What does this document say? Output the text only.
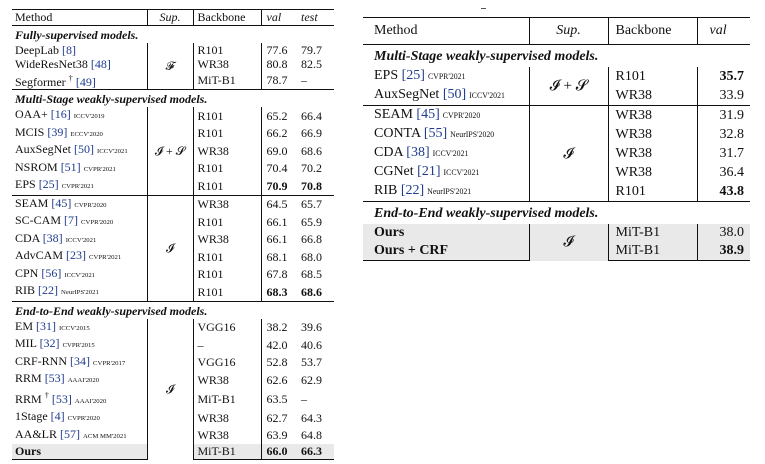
Method	Sup.	Backbone	val	test
Fully-supervised models.				
DeepLab [8]	𝓕	R101	77.6	79.7
WideResNet38 [48]		WR38	80.8	82.5
Segformer † [49]		MiT-B1	78.7	–
Multi-Stage weakly-supervised models.				
OAA+ [16] ICCV'2019	𝓘 + 𝓢	R101	65.2	66.4
MCIS [39] ECCV'2020		R101	66.2	66.9
AuxSegNet [50] ICCV'2021		WR38	69.0	68.6
NSROM [51] CVPR'2021		R101	70.4	70.2
EPS [25] CVPR'2021		R101	70.9	70.8
SEAM [45] CVPR'2020	𝓘	WR38	64.5	65.7
SC-CAM [7] CVPR'2020		R101	66.1	65.9
CDA [38] ICCV'2021		WR38	66.1	66.8
AdvCAM [23] CVPR'2021		R101	68.1	68.0
CPN [56] ICCV'2021		R101	67.8	68.5
RIB [22] NeurIPS'2021		R101	68.3	68.6
End-to-End weakly-supervised models.				
EM [31] ICCV'2015	𝓘	VGG16	38.2	39.6
MIL [32] CVPR'2015		–	42.0	40.6
CRF-RNN [34] CVPR'2017		VGG16	52.8	53.7
RRM [53] AAAI'2020		WR38	62.6	62.9
RRM † [53] AAAI'2020		MiT-B1	63.5	–
1Stage [4] CVPR'2020		WR38	62.7	64.3
AA&LR [57] ACM MM'2021		WR38	63.9	64.8
Ours		MiT-B1	66.0	66.3
Method	Sup.	Backbone	val
Multi-Stage weakly-supervised models.			
EPS [25] CVPR'2021	𝓘 + 𝓢	R101	35.7
AuxSegNet [50] ICCV'2021		WR38	33.9
SEAM [45] CVPR'2020	𝓘	WR38	31.9
CONTA [55] NeurIPS'2020		WR38	32.8
CDA [38] ICCV'2021		WR38	31.7
CGNet [21] ICCV'2021		WR38	36.4
RIB [22] NeurIPS'2021		R101	43.8
End-to-End weakly-supervised models.			
Ours	𝓘	MiT-B1	38.0
Ours + CRF		MiT-B1	38.9
